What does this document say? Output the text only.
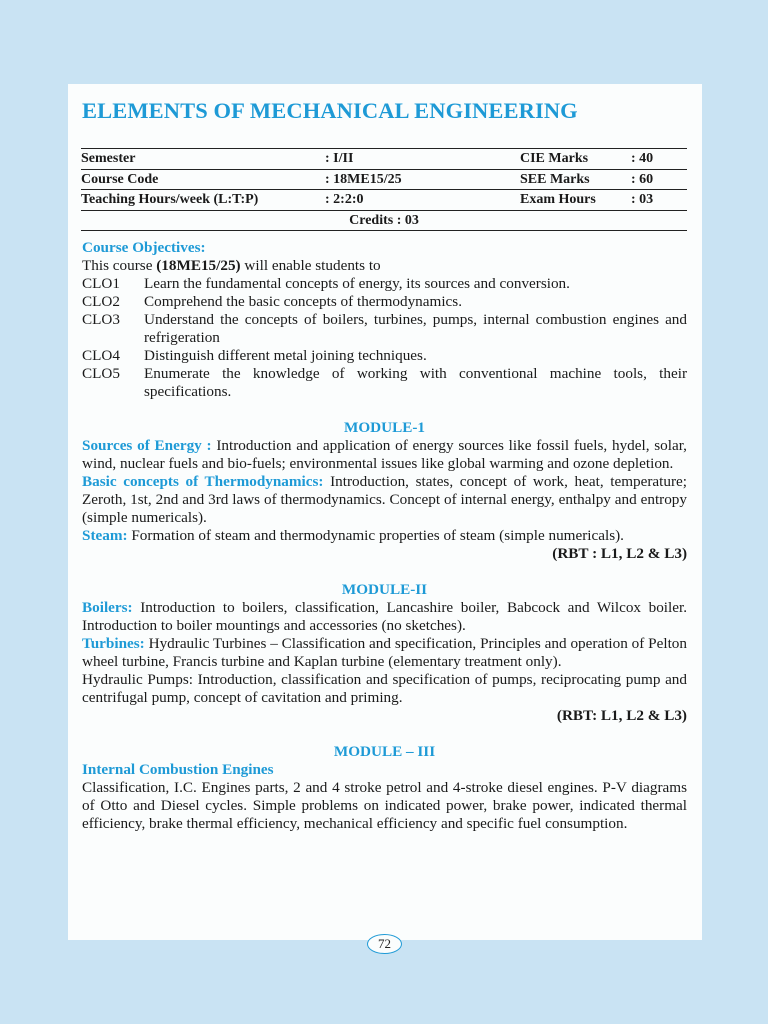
ELEMENTS OF MECHANICAL ENGINEERING
Semester	: I/II	CIE Marks	: 40
Course Code	: 18ME15/25	SEE Marks	: 60
Teaching Hours/week (L:T:P)	: 2:2:0	Exam Hours	: 03
Credits : 03			

Course Objectives:

This course (18ME15/25) will enable students to

CLO1	Learn the fundamental concepts of energy, its sources and conversion.
CLO2	Comprehend the basic concepts of thermodynamics.
CLO3	Understand the concepts of boilers, turbines, pumps, internal combustion engines and refrigeration
CLO4	Distinguish different metal joining techniques.
CLO5	Enumerate the knowledge of working with conventional machine tools, their specifications.

MODULE-1

Sources of Energy : Introduction and application of energy sources like fossil fuels, hydel, solar, wind, nuclear fuels and bio-fuels; environmental issues like global warming and ozone depletion.

Basic concepts of Thermodynamics: Introduction, states, concept of work, heat, temperature; Zeroth, 1st, 2nd and 3rd laws of thermodynamics. Concept of internal energy, enthalpy and entropy (simple numericals).

Steam: Formation of steam and thermodynamic properties of steam (simple numericals).

(RBT : L1, L2 & L3)

MODULE-II

Boilers: Introduction to boilers, classification, Lancashire boiler, Babcock and Wilcox boiler. Introduction to boiler mountings and accessories (no sketches).

Turbines: Hydraulic Turbines – Classification and specification, Principles and operation of Pelton wheel turbine, Francis turbine and Kaplan turbine (elementary treatment only).

Hydraulic Pumps: Introduction, classification and specification of pumps, reciprocating pump and centrifugal pump, concept of cavitation and priming.

(RBT: L1, L2 & L3)

MODULE – III

Internal Combustion Engines

Classification, I.C. Engines parts, 2 and 4 stroke petrol and 4-stroke diesel engines. P-V diagrams of Otto and Diesel cycles. Simple problems on indicated power, brake power, indicated thermal efficiency, brake thermal efficiency, mechanical efficiency and specific fuel consumption.

72
